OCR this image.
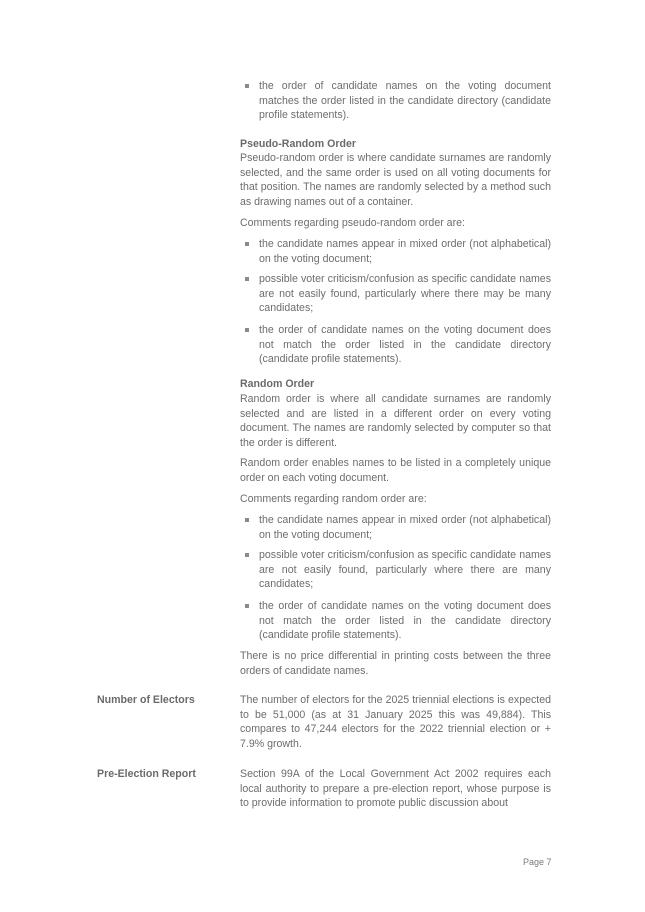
the order of candidate names on the voting document matches the order listed in the candidate directory (candidate profile statements).
Pseudo-Random Order

Pseudo-random order is where candidate surnames are randomly selected, and the same order is used on all voting documents for that position. The names are randomly selected by a method such as drawing names out of a container.

Comments regarding pseudo-random order are:

the candidate names appear in mixed order (not alphabetical) on the voting document;
possible voter criticism/confusion as specific candidate names are not easily found, particularly where there may be many candidates;
the order of candidate names on the voting document does not match the order listed in the candidate directory (candidate profile statements).
Random Order

Random order is where all candidate surnames are randomly selected and are listed in a different order on every voting document. The names are randomly selected by computer so that the order is different.

Random order enables names to be listed in a completely unique order on each voting document.

Comments regarding random order are:

the candidate names appear in mixed order (not alphabetical) on the voting document;
possible voter criticism/confusion as specific candidate names are not easily found, particularly where there are many candidates;
the order of candidate names on the voting document does not match the order listed in the candidate directory (candidate profile statements).

There is no price differential in printing costs between the three orders of candidate names.

Number of Electors	The number of electors for the 2025 triennial elections is expected to be 51,000 (as at 31 January 2025 this was 49,884). This compares to 47,244 electors for the 2022 triennial election or + 7.9% growth.

Pre-Election Report	Section 99A of the Local Government Act 2002 requires each local authority to prepare a pre-election report, whose purpose is to provide information to promote public discussion about

Page 7
